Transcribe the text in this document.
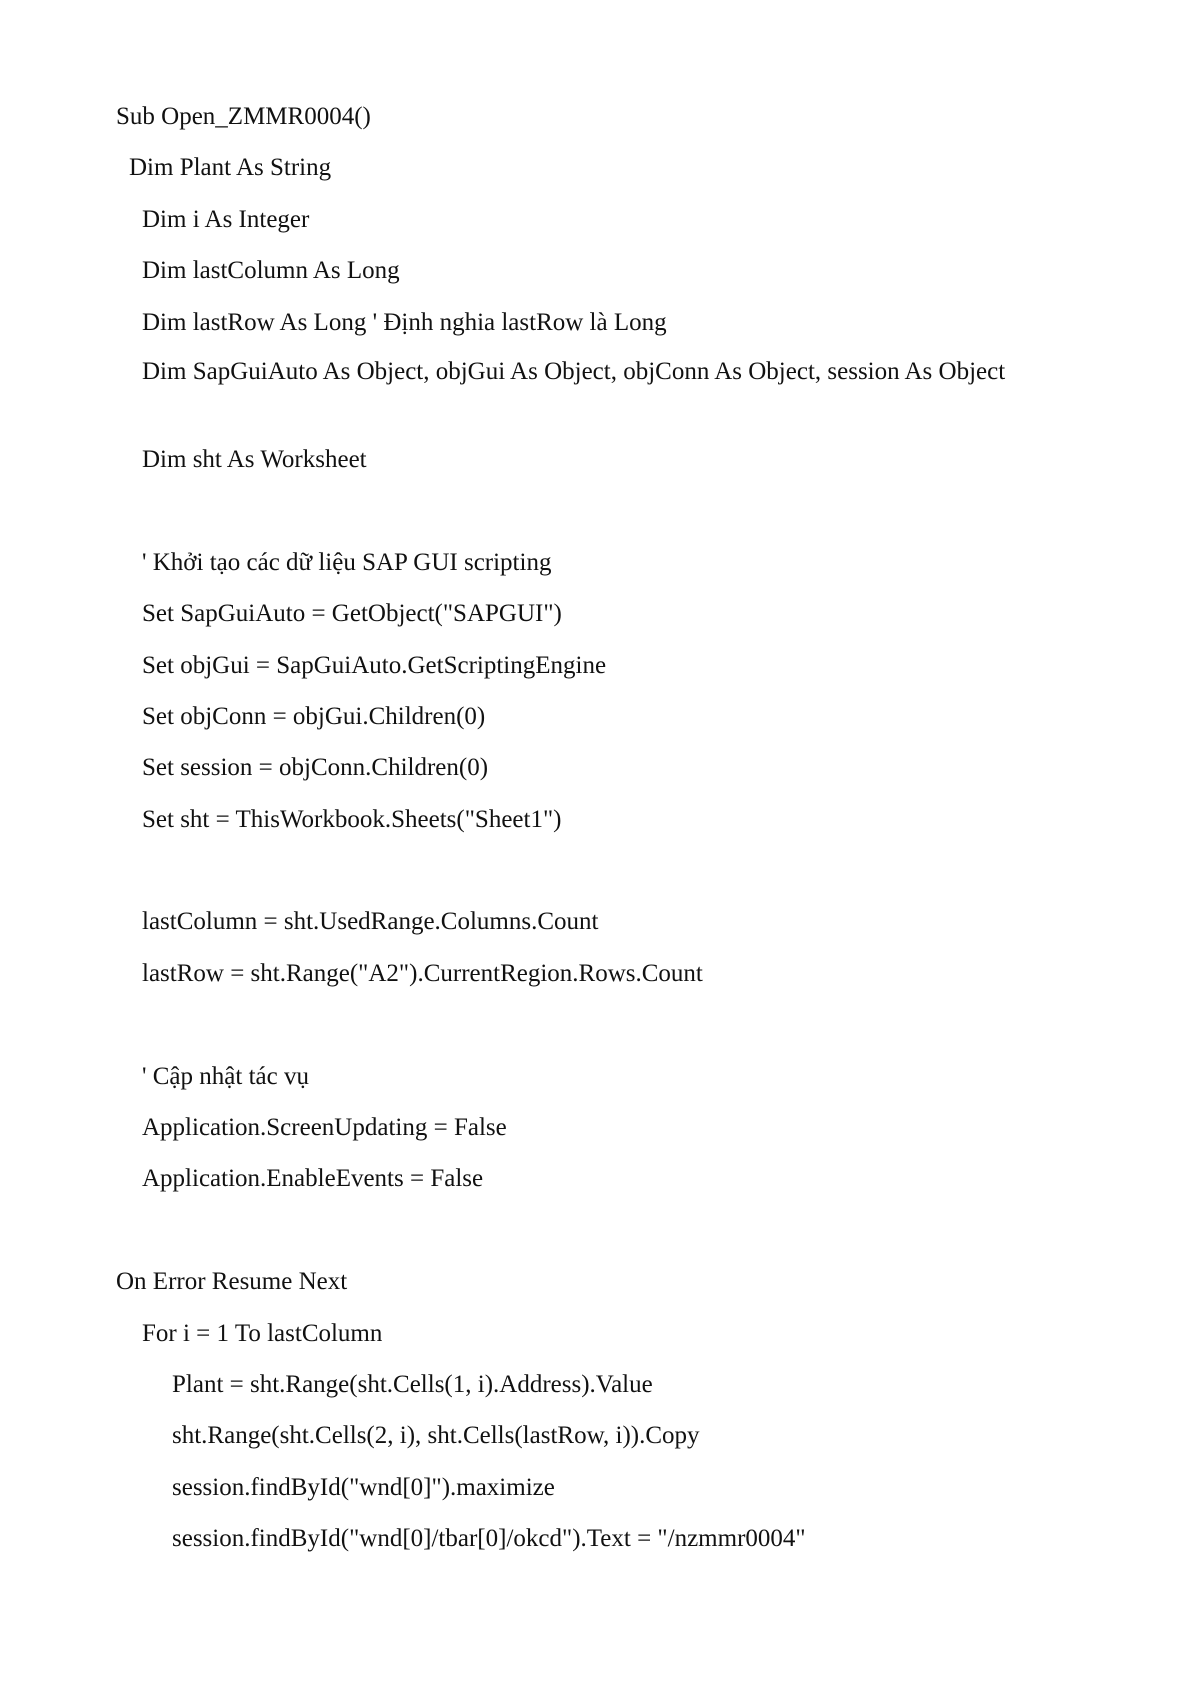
Sub Open_ZMMR0004()
Dim Plant As String
Dim i As Integer
Dim lastColumn As Long
Dim lastRow As Long ' Định nghia lastRow là Long
Dim SapGuiAuto As Object, objGui As Object, objConn As Object, session As Object
Dim sht As Worksheet
' Khởi tạo các dữ liệu SAP GUI scripting
Set SapGuiAuto = GetObject("SAPGUI")
Set objGui = SapGuiAuto.GetScriptingEngine
Set objConn = objGui.Children(0)
Set session = objConn.Children(0)
Set sht = ThisWorkbook.Sheets("Sheet1")
lastColumn = sht.UsedRange.Columns.Count
lastRow = sht.Range("A2").CurrentRegion.Rows.Count
' Cập nhật tác vụ
Application.ScreenUpdating = False
Application.EnableEvents = False
On Error Resume Next
For i = 1 To lastColumn
Plant = sht.Range(sht.Cells(1, i).Address).Value
sht.Range(sht.Cells(2, i), sht.Cells(lastRow, i)).Copy
session.findById("wnd[0]").maximize
session.findById("wnd[0]/tbar[0]/okcd").Text = "/nzmmr0004"
